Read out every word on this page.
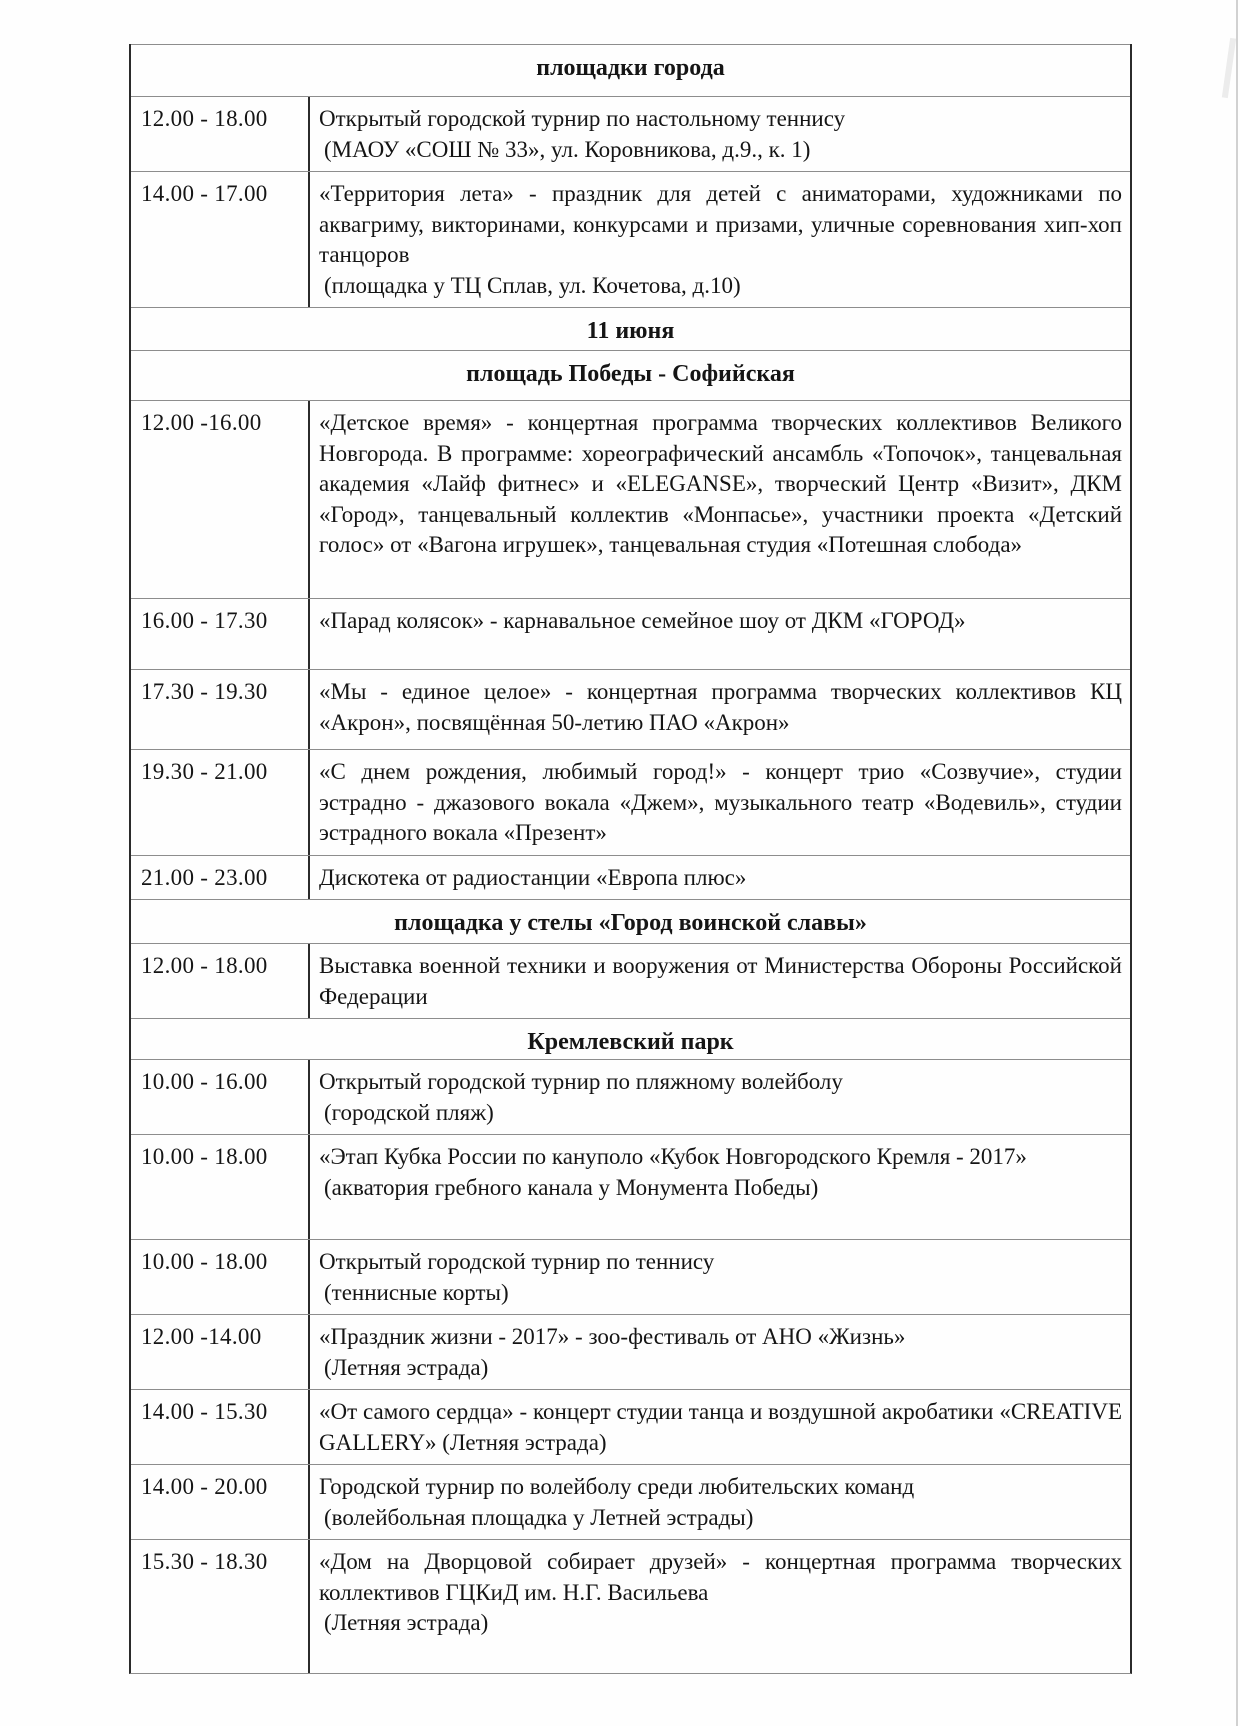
площадки города
12.00 - 18.00	Открытый городской турнир по настольному теннису

(МАОУ «СОШ № 33», ул. Коровникова, д.9., к. 1)

14.00 - 17.00	«Территория лета» - праздник для детей с аниматорами, художниками по аквагриму, викторинами, конкурсами и призами, уличные соревнования хип-хоп танцоров

(площадка у ТЦ Сплав, ул. Кочетова, д.10)

11 июня
площадь Победы - Софийская
12.00 -16.00	«Детское время» - концертная программа творческих коллективов Великого Новгорода. В программе: хореографический ансамбль «Топочок», танцевальная академия «Лайф фитнес» и «ELEGANSE», творческий Центр «Визит», ДКМ «Город», танцевальный коллектив «Монпасье», участники проекта «Детский голос» от «Вагона игрушек», танцевальная студия «Потешная слобода»

16.00 - 17.30	«Парад колясок» - карнавальное семейное шоу от ДКМ «ГОРОД»

17.30 - 19.30	«Мы - единое целое» - концертная программа творческих коллективов КЦ «Акрон», посвящённая 50-летию ПАО «Акрон»

19.30 - 21.00	«С днем рождения, любимый город!» - концерт трио «Созвучие», студии эстрадно - джазового вокала «Джем», музыкального театр «Водевиль», студии эстрадного вокала «Презент»

21.00 - 23.00	Дискотека от радиостанции «Европа плюс»

площадка у стелы «Город воинской славы»
12.00 - 18.00	Выставка военной техники и вооружения от Министерства Обороны Российской Федерации

Кремлевский парк
10.00 - 16.00	Открытый городской турнир по пляжному волейболу

(городской пляж)

10.00 - 18.00	«Этап Кубка России по кануполо «Кубок Новгородского Кремля - 2017»

(акватория гребного канала у Монумента Победы)

10.00 - 18.00	Открытый городской турнир по теннису

(теннисные корты)

12.00 -14.00	«Праздник жизни - 2017» - зоо-фестиваль от АНО «Жизнь»

(Летняя эстрада)

14.00 - 15.30	«От самого сердца» - концерт студии танца и воздушной акробатики «CREATIVE GALLERY» (Летняя эстрада)

14.00 - 20.00	Городской турнир по волейболу среди любительских команд

(волейбольная площадка у Летней эстрады)

15.30 - 18.30	«Дом на Дворцовой собирает друзей» - концертная программа творческих коллективов ГЦКиД им. Н.Г. Васильева

(Летняя эстрада)
